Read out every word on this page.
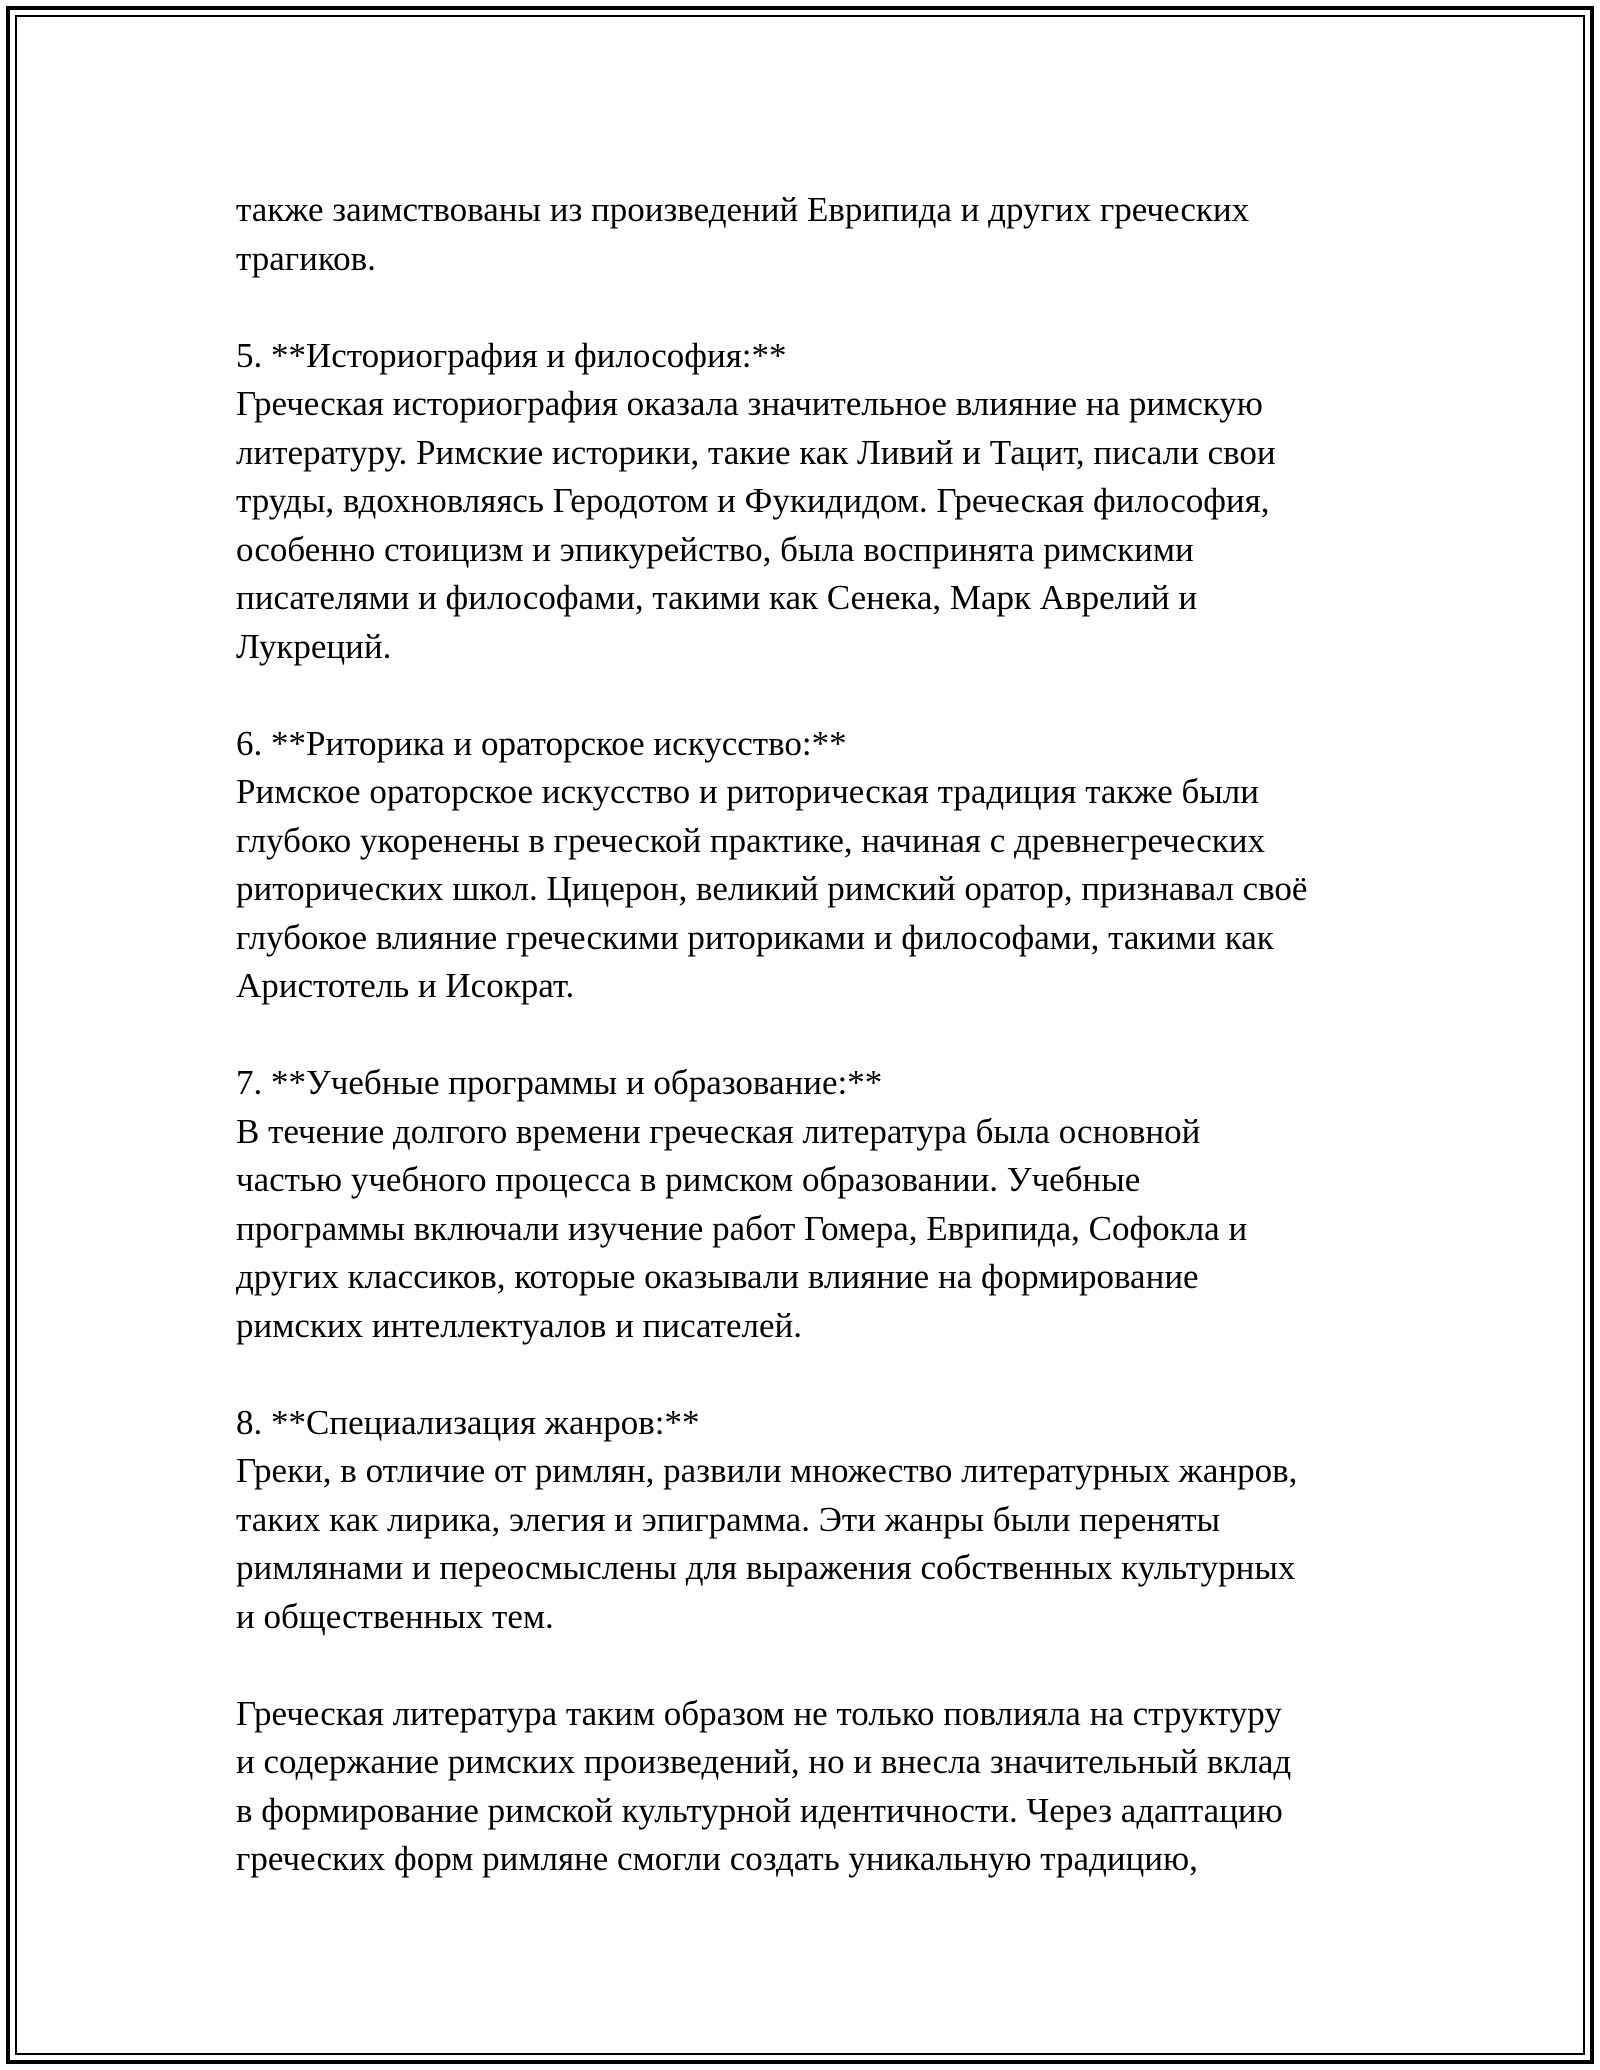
также заимствованы из произведений Еврипида и других греческих
трагиков.
5. **Историография и философия:**
Греческая историография оказала значительное влияние на римскую
литературу. Римские историки, такие как Ливий и Тацит, писали свои
труды, вдохновляясь Геродотом и Фукидидом. Греческая философия,
особенно стоицизм и эпикурейство, была воспринята римскими
писателями и философами, такими как Сенека, Марк Аврелий и
Лукреций.
6. **Риторика и ораторское искусство:**
Римское ораторское искусство и риторическая традиция также были
глубоко укоренены в греческой практике, начиная с древнегреческих
риторических школ. Цицерон, великий римский оратор, признавал своё
глубокое влияние греческими риториками и философами, такими как
Аристотель и Исократ.
7. **Учебные программы и образование:**
В течение долгого времени греческая литература была основной
частью учебного процесса в римском образовании. Учебные
программы включали изучение работ Гомера, Еврипида, Софокла и
других классиков, которые оказывали влияние на формирование
римских интеллектуалов и писателей.
8. **Специализация жанров:**
Греки, в отличие от римлян, развили множество литературных жанров,
таких как лирика, элегия и эпиграмма. Эти жанры были переняты
римлянами и переосмыслены для выражения собственных культурных
и общественных тем.
Греческая литература таким образом не только повлияла на структуру
и содержание римских произведений, но и внесла значительный вклад
в формирование римской культурной идентичности. Через адаптацию
греческих форм римляне смогли создать уникальную традицию,
